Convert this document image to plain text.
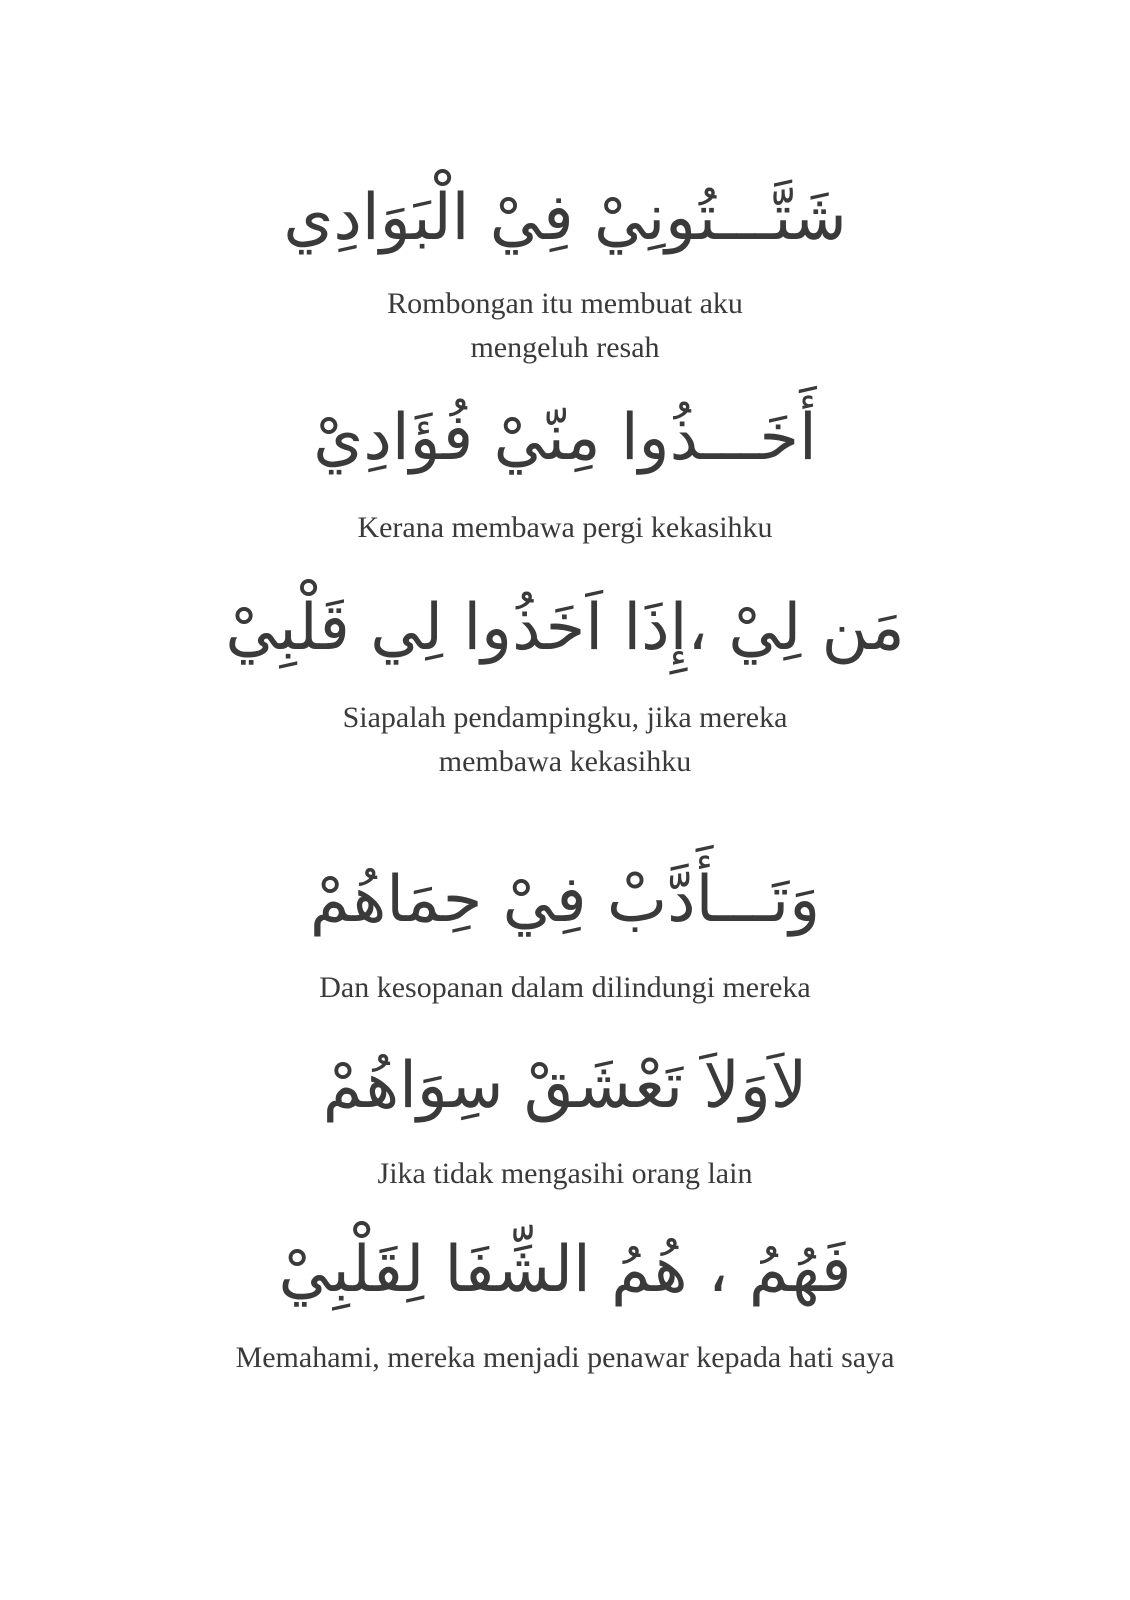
شَتَّـــتُونِيْ فِيْ الْبَوَادِي
Rombongan itu membuat aku
mengeluh resah
أَخَـــذُوا مِنّيْ فُؤَادِيْ
Kerana membawa pergi kekasihku
مَن لِيْ ،إِذَا اَخَذُوا لِي قَلْبِيْ
Siapalah pendampingku, jika mereka
membawa kekasihku
وَتَـــأَدَّبْ فِيْ حِمَاهُمْ
Dan kesopanan dalam dilindungi mereka
لاَوَلاَ تَعْشَقْ سِوَاهُمْ
Jika tidak mengasihi orang lain
فَهُمُ ، هُمُ الشِّفَا لِقَلْبِيْ
Memahami, mereka menjadi penawar kepada hati saya
